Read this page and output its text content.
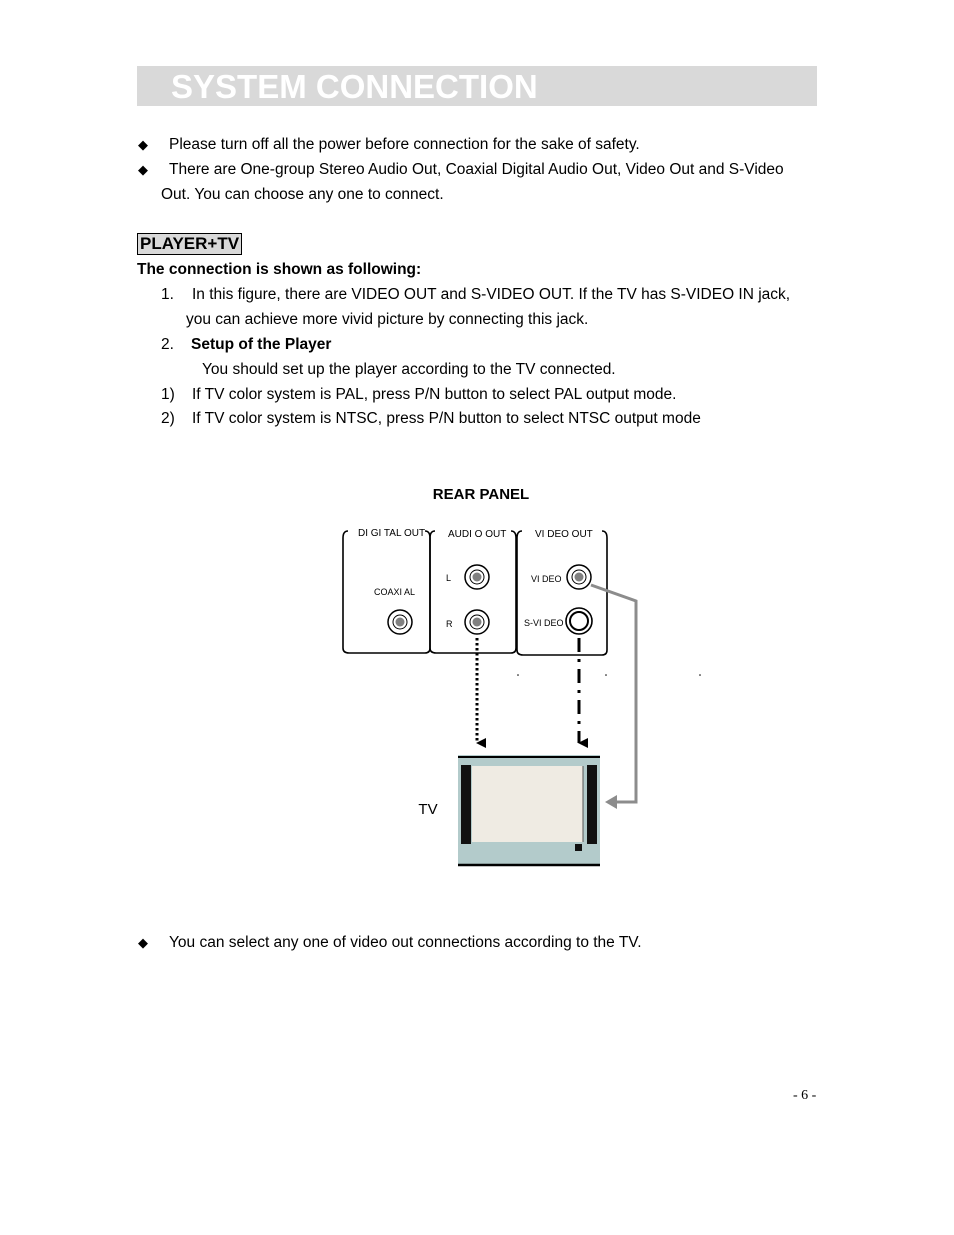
SYSTEM CONNECTION
◆ Please turn off all the power before connection for the sake of safety.
◆ There are One-group Stereo Audio Out, Coaxial Digital Audio Out, Video Out and S-Video
Out. You can choose any one to connect.
PLAYER+TV
The connection is shown as following:
1. In this figure, there are VIDEO OUT and S-VIDEO OUT. If the TV has S-VIDEO IN jack,
you can achieve more vivid picture by connecting this jack.
2. Setup of the Player
You should set up the player according to the TV connected.
1) If TV color system is PAL, press P/N button to select PAL output mode.
2) If TV color system is NTSC, press P/N button to select NTSC output mode
REAR PANEL
DI GI TAL OUT AUDI O OUT	VI DEO OUT
COAXI AL
L
R
VI DEO
S-VI DEO
TV
◆ You can select any one of video out connections according to the TV.
- 6 -
